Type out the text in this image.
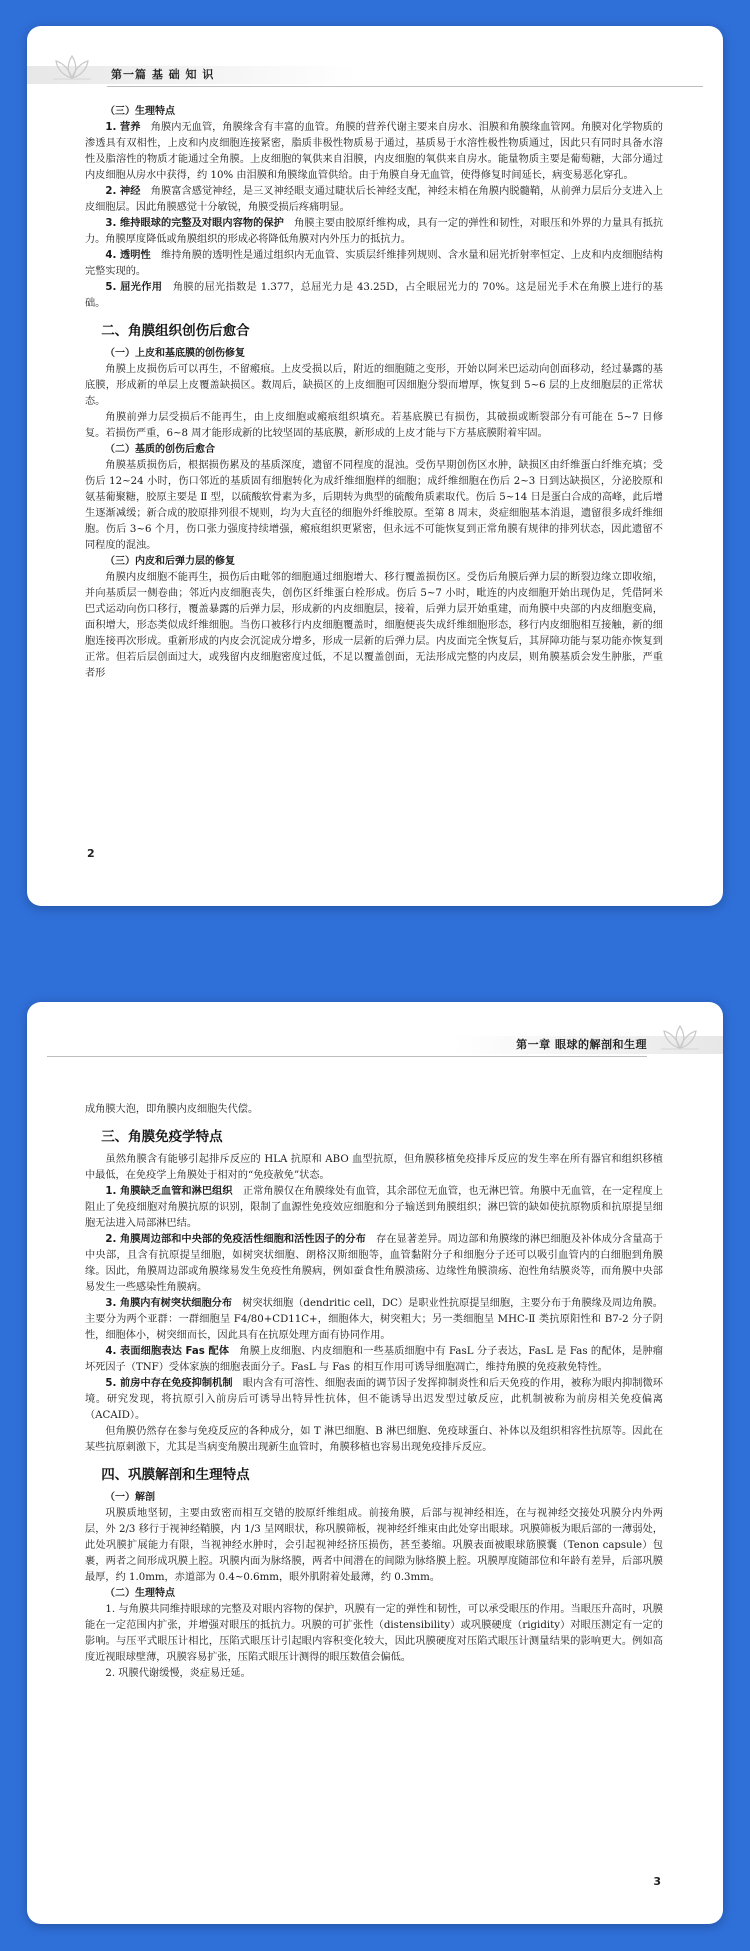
第一篇 基 础 知 识
（三）生理特点

1. 营养　 角膜内无血管，角膜缘含有丰富的血管。角膜的营养代谢主要来自房水、泪膜和角膜缘血管网。角膜对化学物质的渗透具有双相性，上皮和内皮细胞连接紧密，脂质非极性物质易于通过，基质易于水溶性极性物质通过，因此只有同时具备水溶性及脂溶性的物质才能通过全角膜。上皮细胞的氧供来自泪膜，内皮细胞的氧供来自房水。能量物质主要是葡萄糖，大部分通过内皮细胞从房水中获得，约 10% 由泪膜和角膜缘血管供给。由于角膜自身无血管，使得修复时间延长，病变易恶化穿孔。

2. 神经　 角膜富含感觉神经，是三叉神经眼支通过睫状后长神经支配，神经末梢在角膜内脱髓鞘，从前弹力层后分支进入上皮细胞层。因此角膜感觉十分敏锐，角膜受损后疼痛明显。

3. 维持眼球的完整及对眼内容物的保护　 角膜主要由胶原纤维构成，具有一定的弹性和韧性，对眼压和外界的力量具有抵抗力。角膜厚度降低或角膜组织的形成必将降低角膜对内外压力的抵抗力。

4. 透明性　 维持角膜的透明性是通过组织内无血管、实质层纤维排列规则、含水量和屈光折射率恒定、上皮和内皮细胞结构完整实现的。

5. 屈光作用　 角膜的屈光指数是 1.377，总屈光力是 43.25D，占全眼屈光力的 70%。这是屈光手术在角膜上进行的基础。

二、角膜组织创伤后愈合
（一）上皮和基底膜的创伤修复

角膜上皮损伤后可以再生，不留瘢痕。上皮受损以后，附近的细胞随之变形，开始以阿米巴运动向创面移动，经过暴露的基底膜，形成新的单层上皮覆盖缺损区。数周后，缺损区的上皮细胞可因细胞分裂而增厚，恢复到 5~6 层的上皮细胞层的正常状态。

角膜前弹力层受损后不能再生，由上皮细胞或瘢痕组织填充。若基底膜已有损伤，其破损或断裂部分有可能在 5~7 日修复。若损伤严重，6~8 周才能形成新的比较坚固的基底膜，新形成的上皮才能与下方基底膜附着牢固。

（二）基质的创伤后愈合

角膜基质损伤后，根据损伤累及的基质深度，遗留不同程度的混浊。受伤早期创伤区水肿，缺损区由纤维蛋白纤维充填；受伤后 12~24 小时，伤口邻近的基质固有细胞转化为成纤维细胞样的细胞；成纤维细胞在伤后 2~3 日到达缺损区，分泌胶原和氨基葡聚糖，胶原主要是 Ⅱ 型，以硫酸软骨素为多，后期转为典型的硫酸角质素取代。伤后 5~14 日是蛋白合成的高峰，此后增生逐渐减缓；新合成的胶原排列很不规则，均为大直径的细胞外纤维胶原。至第 8 周末，炎症细胞基本消退，遗留很多成纤维细胞。伤后 3~6 个月，伤口张力强度持续增强，瘢痕组织更紧密，但永远不可能恢复到正常角膜有规律的排列状态，因此遗留不同程度的混浊。

（三）内皮和后弹力层的修复

角膜内皮细胞不能再生，损伤后由毗邻的细胞通过细胞增大、移行覆盖损伤区。受伤后角膜后弹力层的断裂边缘立即收缩，并向基质层一侧卷曲；邻近内皮细胞丧失，创伤区纤维蛋白栓形成。伤后 5~7 小时，毗连的内皮细胞开始出现伪足，凭借阿米巴式运动向伤口移行，覆盖暴露的后弹力层，形成新的内皮细胞层，接着，后弹力层开始重建，而角膜中央部的内皮细胞变扁，面积增大，形态类似成纤维细胞。当伤口被移行内皮细胞覆盖时，细胞便丧失成纤维细胞形态，移行内皮细胞相互接触，新的细胞连接再次形成。重新形成的内皮会沉淀成分增多，形成一层新的后弹力层。内皮面完全恢复后，其屏障功能与泵功能亦恢复到正常。但若后层创面过大，或残留内皮细胞密度过低，不足以覆盖创面，无法形成完整的内皮层，则角膜基质会发生肿胀，严重者形

2
第一章 眼球的解剖和生理

成角膜大泡，即角膜内皮细胞失代偿。

三、角膜免疫学特点

虽然角膜含有能够引起排斥反应的 HLA 抗原和 ABO 血型抗原，但角膜移植免疫排斥反应的发生率在所有器官和组织移植中最低，在免疫学上角膜处于相对的“免疫赦免”状态。

1. 角膜缺乏血管和淋巴组织　 正常角膜仅在角膜缘处有血管，其余部位无血管，也无淋巴管。角膜中无血管，在一定程度上阻止了免疫细胞对角膜抗原的识别，限制了血源性免疫效应细胞和分子输送到角膜组织；淋巴管的缺如使抗原物质和抗原提呈细胞无法进入局部淋巴结。

2. 角膜周边部和中央部的免疫活性细胞和活性因子的分布　 存在显著差异。周边部和角膜缘的淋巴细胞及补体成分含量高于中央部，且含有抗原提呈细胞，如树突状细胞、朗格汉斯细胞等，血管黏附分子和细胞分子还可以吸引血管内的白细胞到角膜缘。因此，角膜周边部或角膜缘易发生免疫性角膜病，例如蚕食性角膜溃疡、边缘性角膜溃疡、泡性角结膜炎等，而角膜中央部易发生一些感染性角膜病。

3. 角膜内有树突状细胞分布　 树突状细胞（dendritic cell，DC）是职业性抗原提呈细胞，主要分布于角膜缘及周边角膜。主要分为两个亚群：一群细胞呈 F4/80+CD11C+，细胞体大，树突粗大；另一类细胞呈 MHC-Ⅱ 类抗原阳性和 B7-2 分子阴性，细胞体小，树突细而长，因此具有在抗原处理方面有协同作用。

4. 表面细胞表达 Fas 配体　 角膜上皮细胞、内皮细胞和一些基质细胞中有 FasL 分子表达，FasL 是 Fas 的配体，是肿瘤坏死因子（TNF）受体家族的细胞表面分子。FasL 与 Fas 的相互作用可诱导细胞凋亡，维持角膜的免疫赦免特性。

5. 前房中存在免疫抑制机制　 眼内含有可溶性、细胞表面的调节因子发挥抑制炎性和后天免疫的作用，被称为眼内抑制微环境。研究发现，将抗原引入前房后可诱导出特异性抗体，但不能诱导出迟发型过敏反应，此机制被称为前房相关免疫偏离（ACAID）。

但角膜仍然存在参与免疫反应的各种成分，如 T 淋巴细胞、B 淋巴细胞、免疫球蛋白、补体以及组织相容性抗原等。因此在某些抗原刺激下，尤其是当病变角膜出现新生血管时，角膜移植也容易出现免疫排斥反应。

四、巩膜解剖和生理特点
（一）解剖

巩膜质地坚韧，主要由致密而相互交错的胶原纤维组成。前接角膜，后部与视神经相连，在与视神经交接处巩膜分内外两层，外 2/3 移行于视神经鞘膜，内 1/3 呈网眼状，称巩膜筛板，视神经纤维束由此处穿出眼球。巩膜筛板为眼后部的一薄弱处，此处巩膜扩展能力有限，当视神经水肿时，会引起视神经挤压损伤，甚至萎缩。巩膜表面被眼球筋膜囊（Tenon capsule）包裹，两者之间形成巩膜上腔。巩膜内面为脉络膜，两者中间潜在的间隙为脉络膜上腔。巩膜厚度随部位和年龄有差异，后部巩膜最厚，约 1.0mm，赤道部为 0.4~0.6mm，眼外肌附着处最薄，约 0.3mm。

（二）生理特点

1. 与角膜共同维持眼球的完整及对眼内容物的保护，巩膜有一定的弹性和韧性，可以承受眼压的作用。当眼压升高时，巩膜能在一定范围内扩张，并增强对眼压的抵抗力。巩膜的可扩张性（distensibility）或巩膜硬度（rigidity）对眼压测定有一定的影响。与压平式眼压计相比，压陷式眼压计引起眼内容积变化较大，因此巩膜硬度对压陷式眼压计测量结果的影响更大。例如高度近视眼球壁薄，巩膜容易扩张，压陷式眼压计测得的眼压数值会偏低。

2. 巩膜代谢缓慢，炎症易迁延。

3
